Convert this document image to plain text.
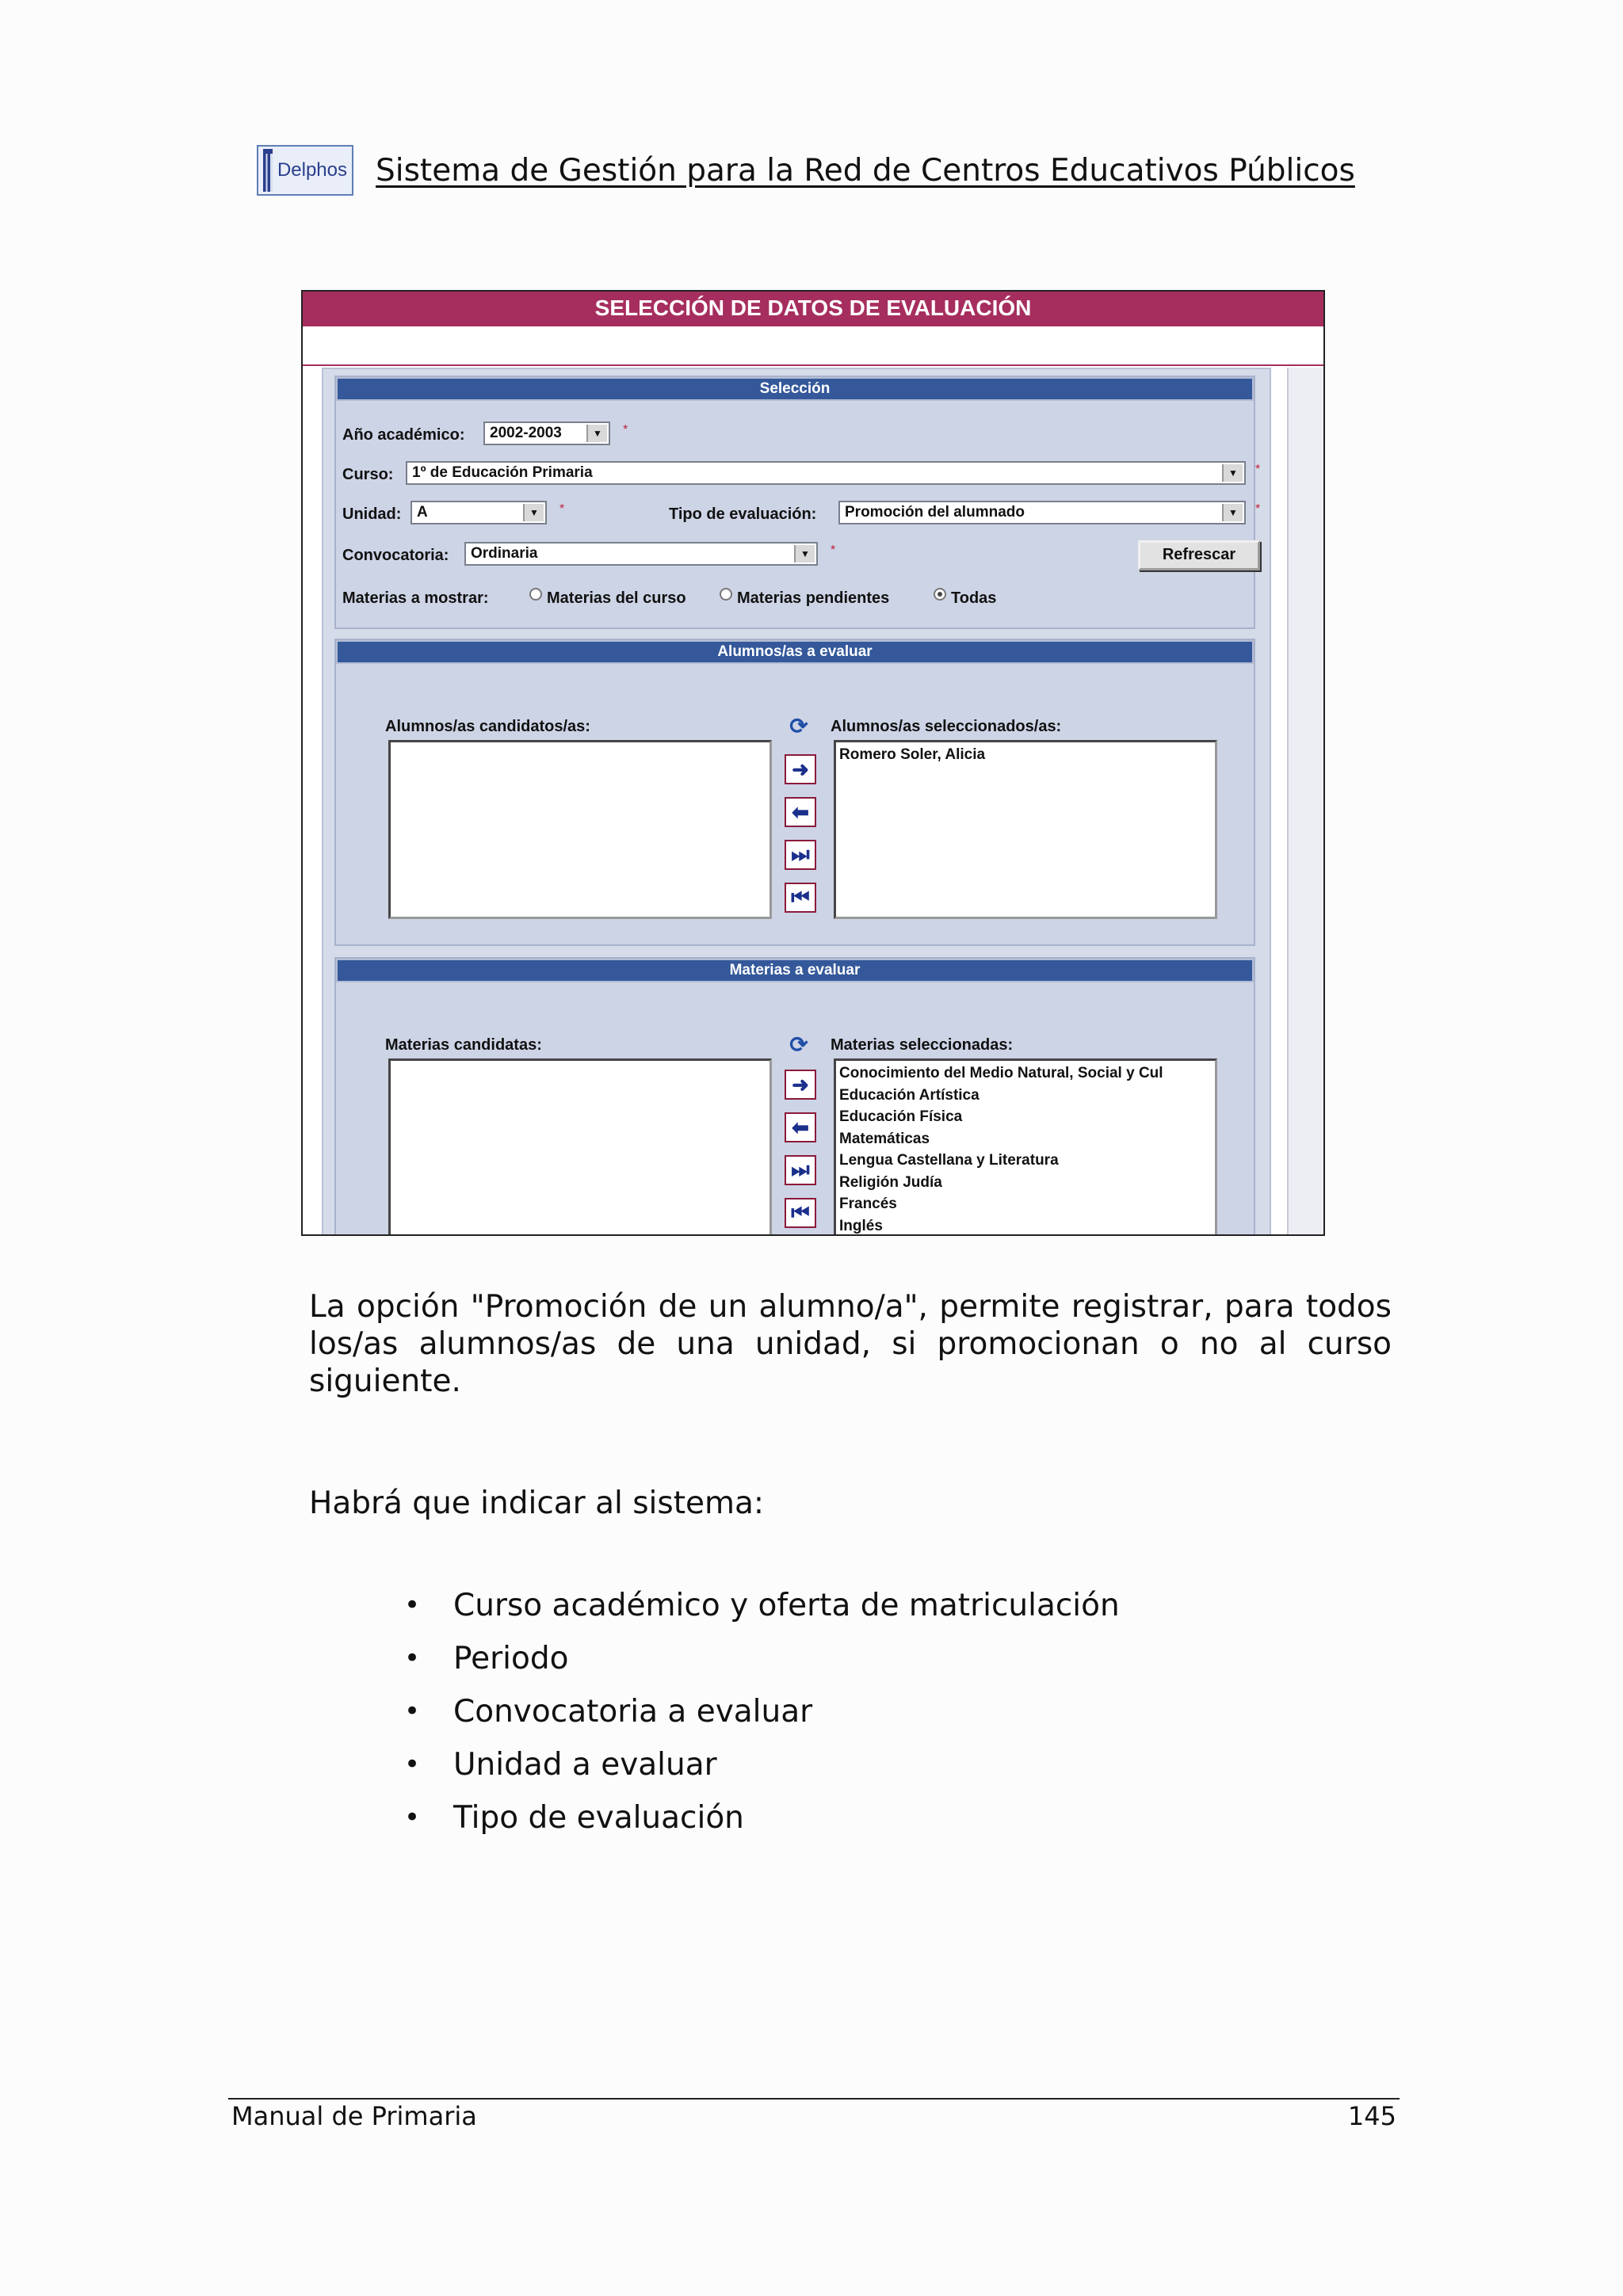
Delphos Sistema de Gestión para la Red de Centros Educativos Públicos
SELECCIÓN DE DATOS DE EVALUACIÓN
Selección
Año académico:	2002-2003	▼	*
Curso:	1º de Educación Primaria	▼	*
Unidad:	A	▼	*	Tipo de evaluación:	Promoción del alumnado	▼	*
Convocatoria:	Ordinaria	▼	*	Refrescar
Materias a mostrar:	Materias del curso	Materias pendientes	Todas
Alumnos/as a evaluar
Alumnos/as candidatos/as:	⟳
➜
⬅
⏭
⏮
Alumnos/as seleccionados/as:
Romero Soler, Alicia
Materias a evaluar
Materias candidatas:	⟳
➜
⬅
⏭
⏮
Materias seleccionadas:
Conocimiento del Medio Natural, Social y Cul
Educación Artística
Educación Física
Matemáticas
Lengua Castellana y Literatura
Religión Judía
Francés
Inglés

La opción "Promoción de un alumno/a", permite registrar, para todos los/as alumnos/as de una unidad, si promocionan o no al curso siguiente.

Habrá que indicar al sistema:

• Curso académico y oferta de matriculación
• Periodo
• Convocatoria a evaluar
• Unidad a evaluar
• Tipo de evaluación
Manual de Primaria	145
